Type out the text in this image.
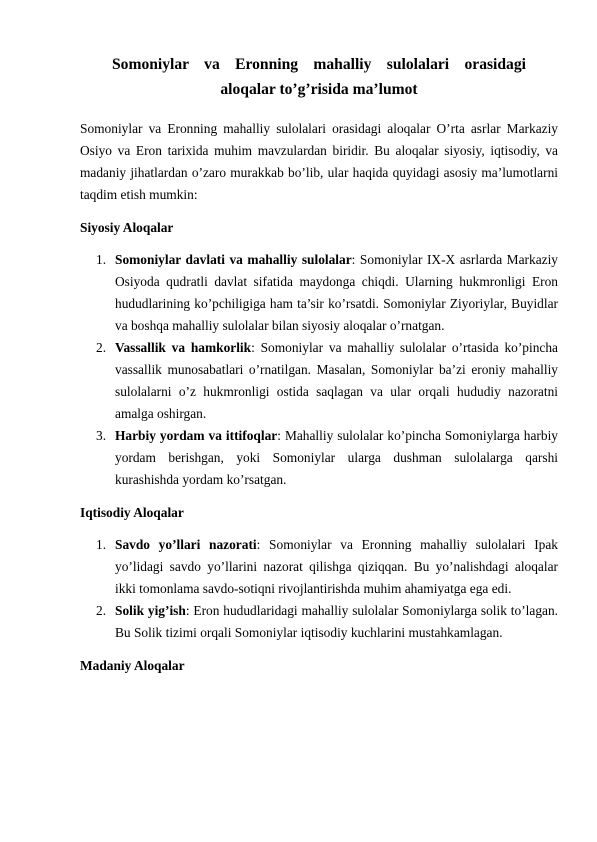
Somoniylar va Eronning mahalliy sulolalari orasidagi
aloqalar to’g’risida ma’lumot

Somoniylar va Eronning mahalliy sulolalari orasidagi aloqalar O’rta asrlar Markaziy Osiyo va Eron tarixida muhim mavzulardan biridir. Bu aloqalar siyosiy, iqtisodiy, va madaniy jihatlardan o’zaro murakkab bo’lib, ular haqida quyidagi asosiy ma’lumotlarni taqdim etish mumkin:

Siyosiy Aloqalar
1. Somoniylar davlati va mahalliy sulolalar: Somoniylar IX-X asrlarda Markaziy Osiyoda qudratli davlat sifatida maydonga chiqdi. Ularning hukmronligi Eron hududlarining ko’pchiligiga ham ta’sir ko’rsatdi. Somoniylar Ziyoriylar, Buyidlar va boshqa mahalliy sulolalar bilan siyosiy aloqalar o’rnatgan.
2. Vassallik va hamkorlik: Somoniylar va mahalliy sulolalar o’rtasida ko’pincha vassallik munosabatlari o’rnatilgan. Masalan, Somoniylar ba’zi eroniy mahalliy sulolalarni o’z hukmronligi ostida saqlagan va ular orqali hududiy nazoratni amalga oshirgan.
3. Harbiy yordam va ittifoqlar: Mahalliy sulolalar ko’pincha Somoniylarga harbiy yordam berishgan, yoki Somoniylar ularga dushman sulolalarga qarshi kurashishda yordam ko’rsatgan.
Iqtisodiy Aloqalar
1. Savdo yo’llari nazorati: Somoniylar va Eronning mahalliy sulolalari Ipak yo’lidagi savdo yo’llarini nazorat qilishga qiziqqan. Bu yo’nalishdagi aloqalar ikki tomonlama savdo-sotiqni rivojlantirishda muhim ahamiyatga ega edi.
2. Solik yig’ish: Eron hududlaridagi mahalliy sulolalar Somoniylarga solik to’lagan. Bu Solik tizimi orqali Somoniylar iqtisodiy kuchlarini mustahkamlagan.
Madaniy Aloqalar
